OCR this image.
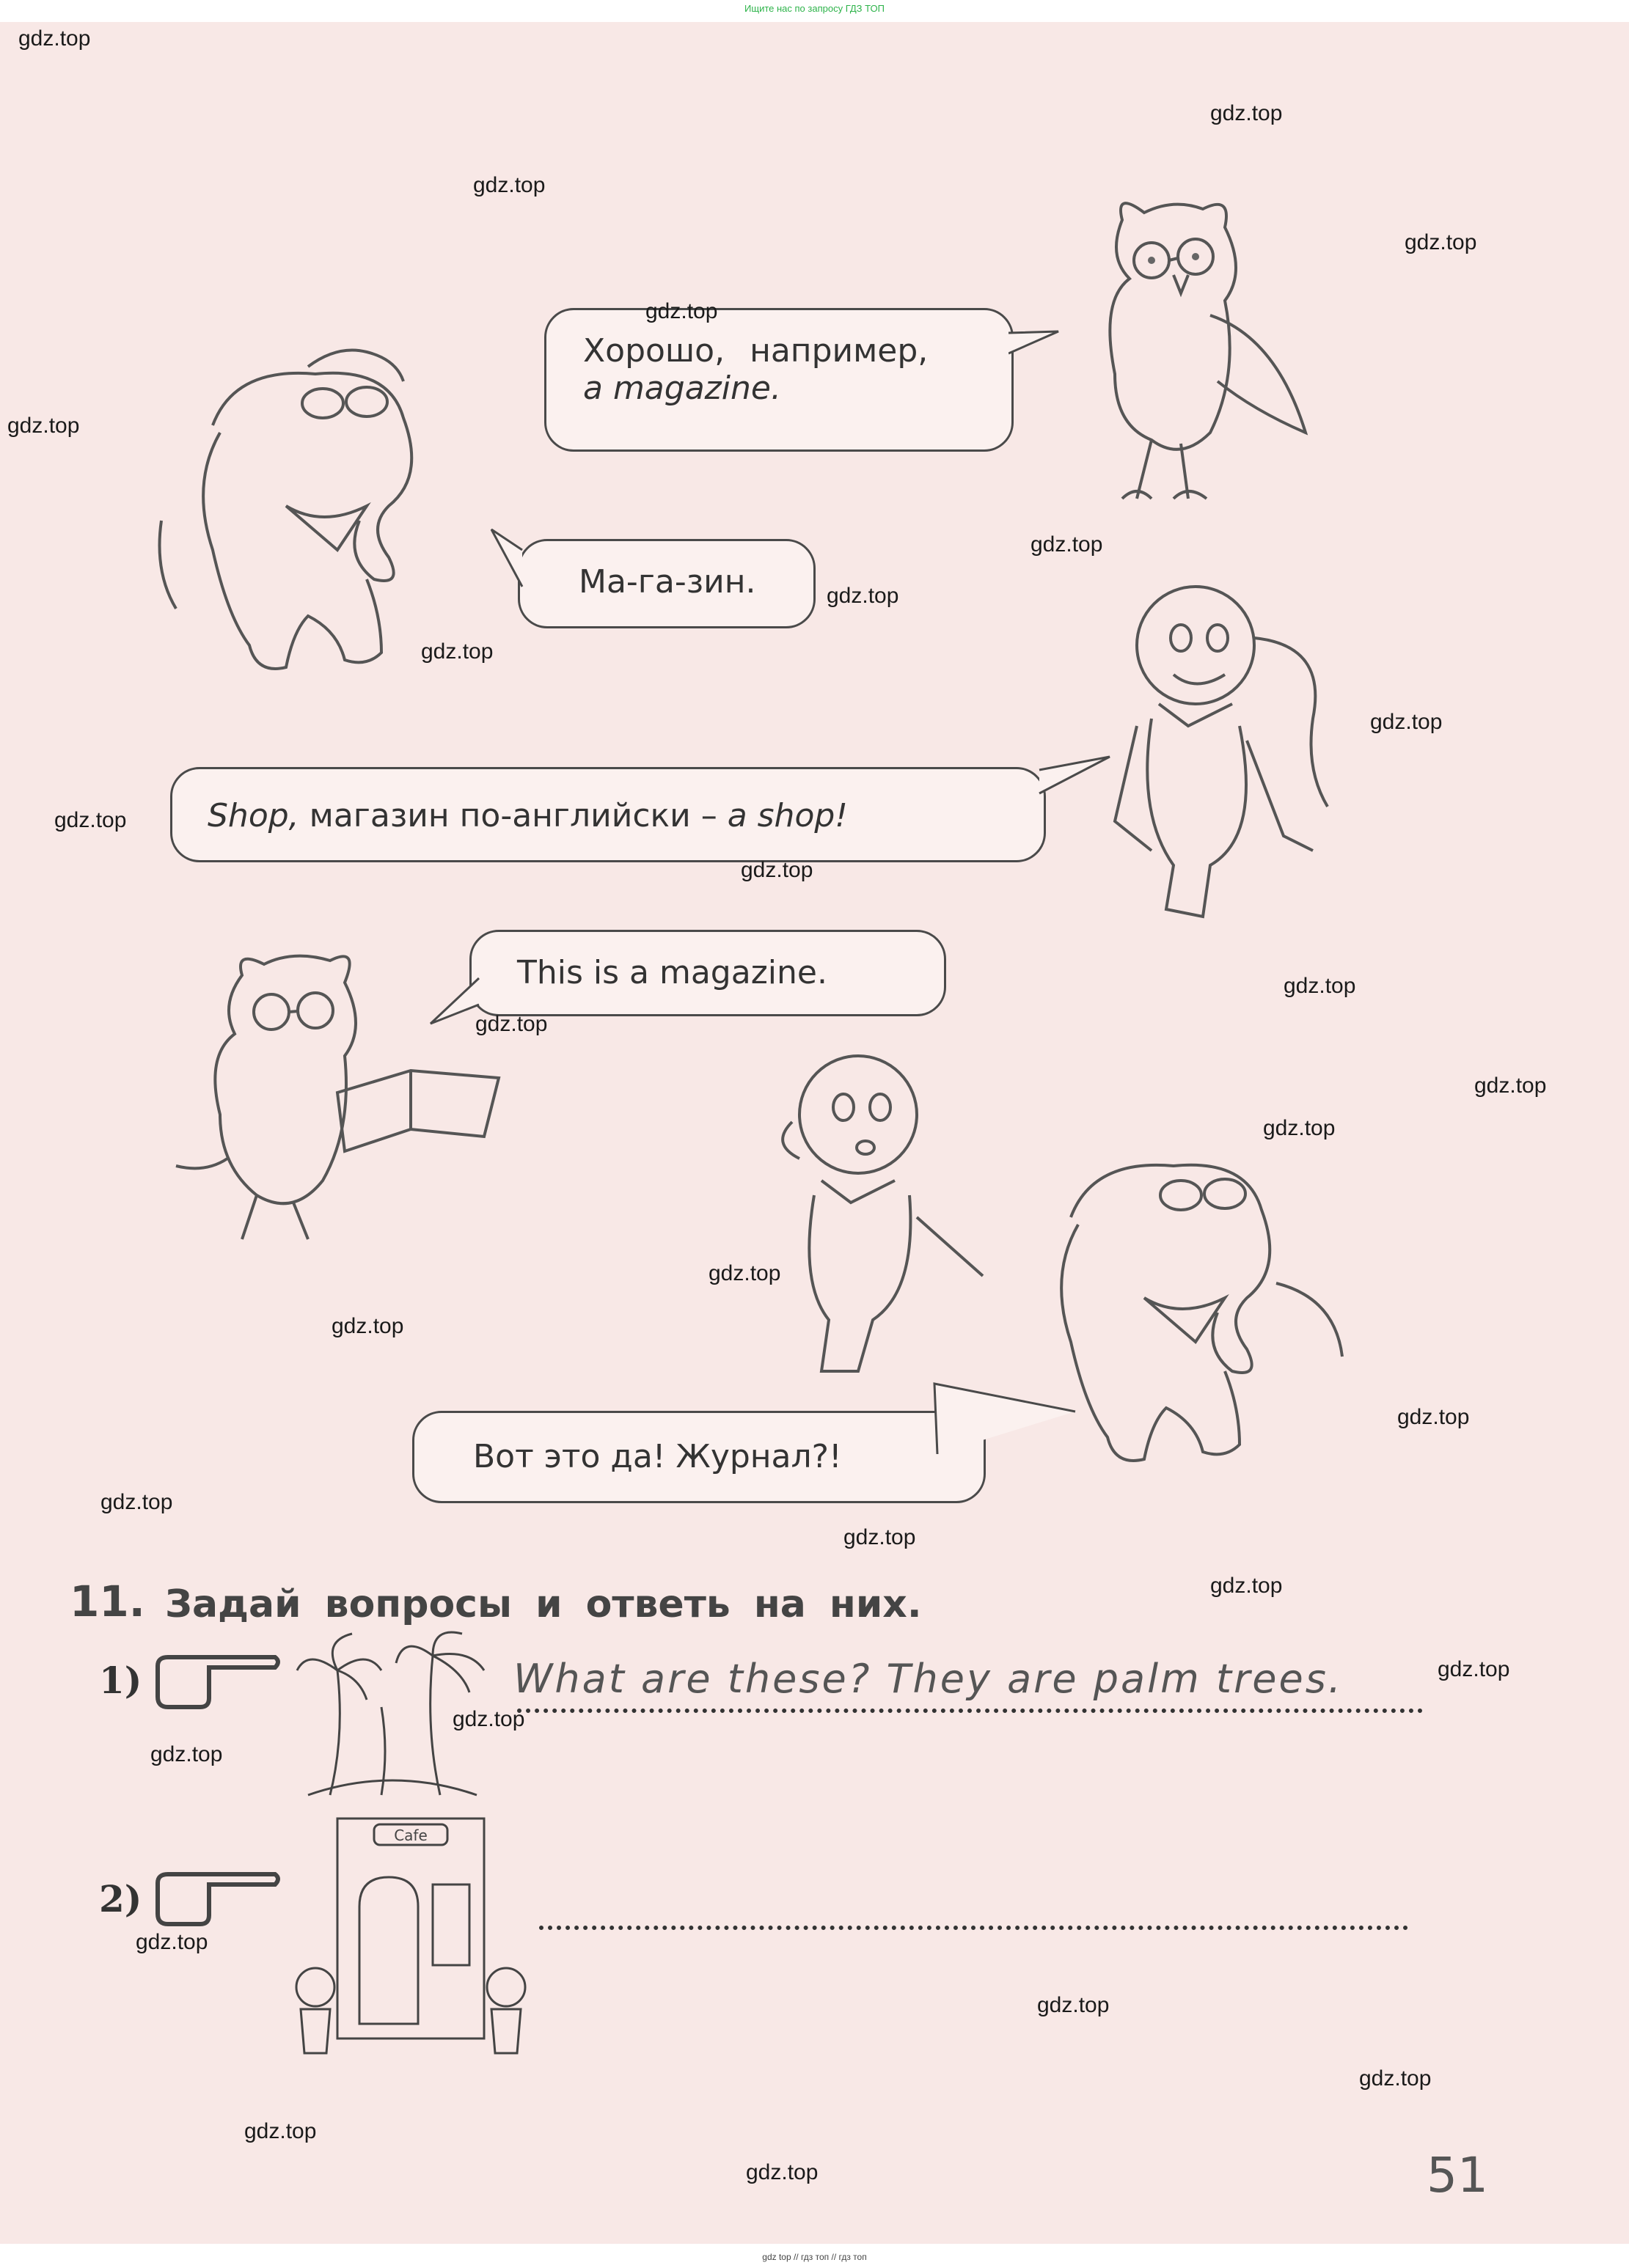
Ищите нас по запросу ГДЗ ТОП
Хорошо, например,
a magazine.
Ма-га-зин.
Shop, магазин по-английски – a shop!
This is a magazine.
Вот это да! Журнал?!
11. Задай вопросы и ответь на них.
1)	What are these? They are palm trees.
2)
Cafe
51
gdz.top
gdz.top
gdz.top
gdz.top
gdz.top
gdz.top
gdz.top
gdz.top
gdz.top
gdz.top
gdz.top
gdz.top
gdz.top
gdz.top
gdz.top
gdz.top
gdz.top
gdz.top
gdz.top
gdz.top
gdz.top
gdz.top
gdz.top
gdz.top
gdz.top
gdz.top
gdz.top
gdz.top
gdz.top
gdz.top
gdz top // гдз топ // гдз топ
